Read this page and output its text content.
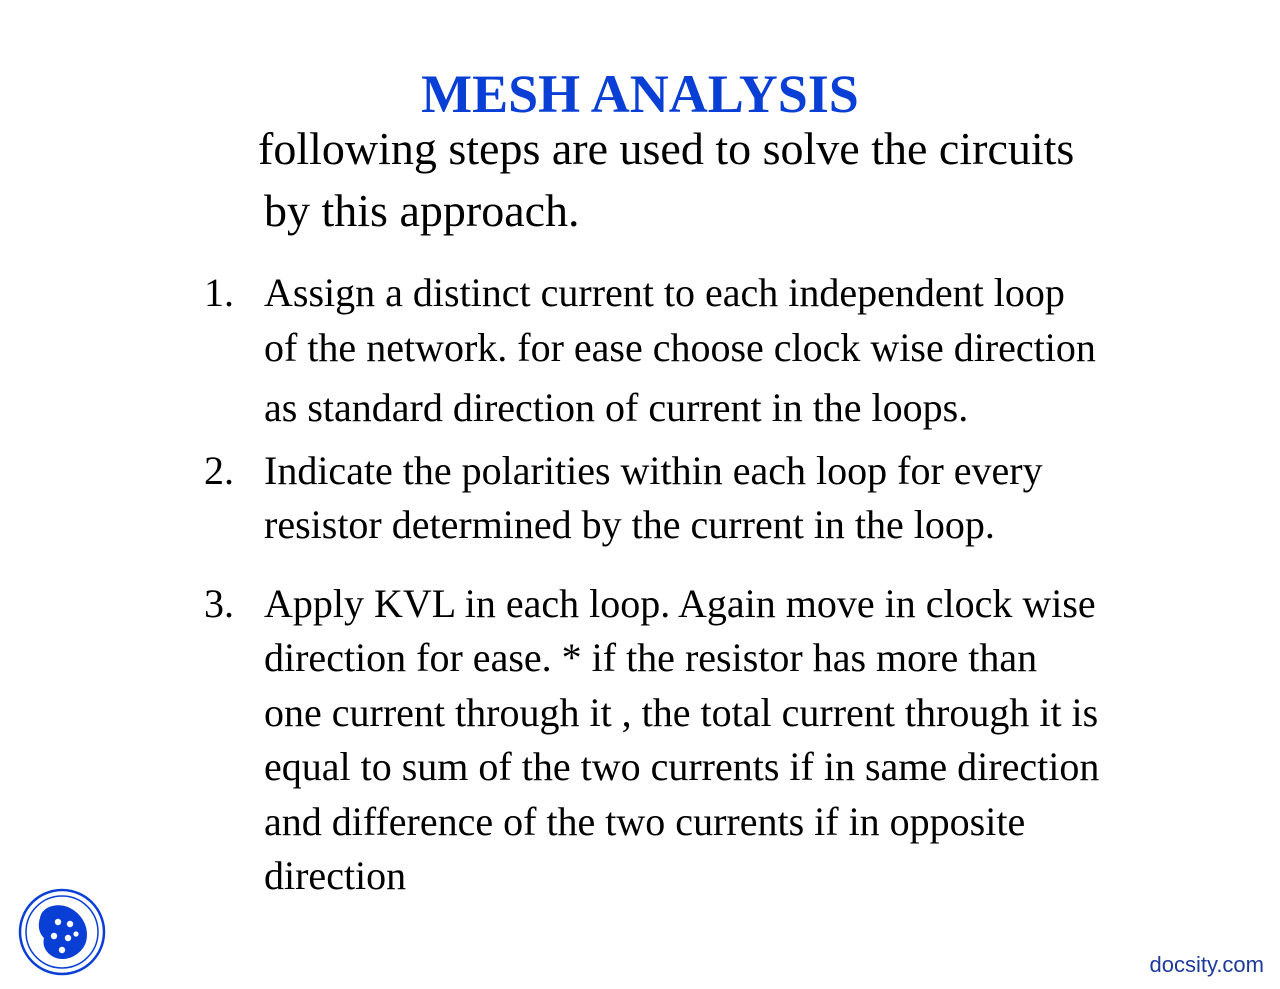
MESH ANALYSIS
following steps are used to solve the circuits
by this approach.
1. Assign a distinct current to each independent loop
of the network. for ease choose clock wise direction
as standard direction of current in the loops.
2. Indicate the polarities within each loop for every
resistor determined by the current in the loop.
3. Apply KVL in each loop. Again move in clock wise
direction for ease. * if the resistor has more than
one current through it , the total current through it is
equal to sum of the two currents if in same direction
and difference of the two currents if in opposite
direction
docsity.com
